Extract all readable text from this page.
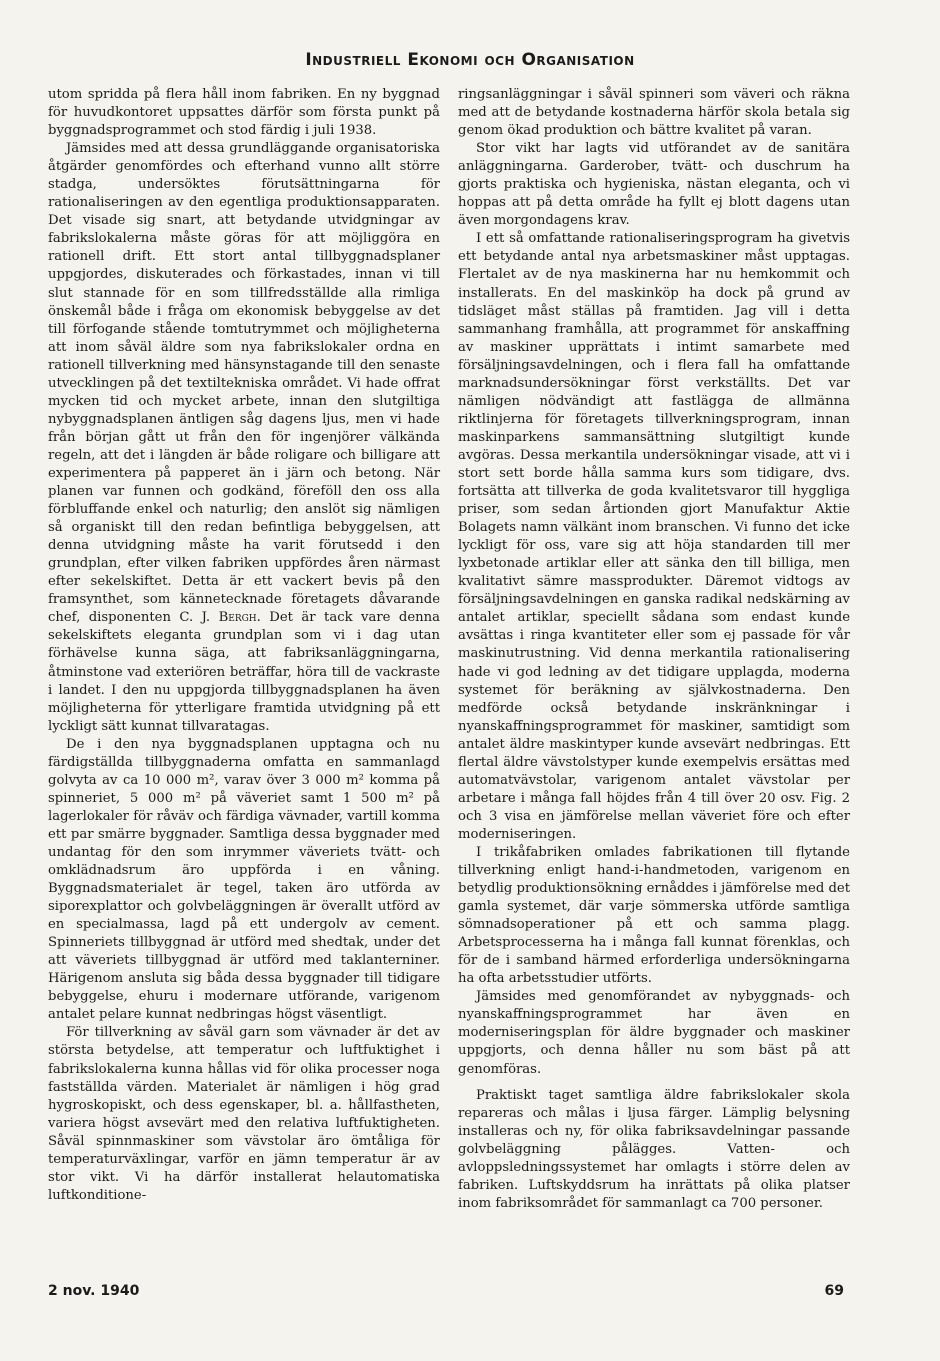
Industriell Ekonomi och Organisation

utom spridda på flera håll inom fabriken. En ny byggnad för huvudkontoret uppsattes därför som första punkt på byggnadsprogrammet och stod färdig i juli 1938.

Jämsides med att dessa grundläggande organisatoriska åtgärder genomfördes och efterhand vunno allt större stadga, undersöktes förutsättningarna för rationaliseringen av den egentliga produktionsapparaten. Det visade sig snart, att betydande utvidgningar av fabrikslokalerna måste göras för att möjliggöra en rationell drift. Ett stort antal tillbyggnadsplaner uppgjordes, diskuterades och förkastades, innan vi till slut stannade för en som tillfredsställde alla rimliga önskemål både i fråga om ekonomisk bebyggelse av det till förfogande stående tomtutrymmet och möjligheterna att inom såväl äldre som nya fabrikslokaler ordna en rationell tillverkning med hänsynstagande till den senaste utvecklingen på det textiltekniska området. Vi hade offrat mycken tid och mycket arbete, innan den slutgiltiga nybyggnadsplanen äntligen såg dagens ljus, men vi hade från början gått ut från den för ingenjörer välkända regeln, att det i längden är både roligare och billigare att experimentera på papperet än i järn och betong. När planen var funnen och godkänd, föreföll den oss alla förbluffande enkel och naturlig; den anslöt sig nämligen så organiskt till den redan befintliga bebyggelsen, att denna utvidgning måste ha varit förutsedd i den grundplan, efter vilken fabriken uppfördes åren närmast efter sekelskiftet. Detta är ett vackert bevis på den framsynthet, som kännetecknade företagets dåvarande chef, disponenten C. J. Bergh. Det är tack vare denna sekelskiftets eleganta grundplan som vi i dag utan förhävelse kunna säga, att fabriksanläggningarna, åtminstone vad exteriören beträffar, höra till de vackraste i landet. I den nu uppgjorda tillbyggnadsplanen ha även möjligheterna för ytterligare framtida utvidgning på ett lyckligt sätt kunnat tillvaratagas.

De i den nya byggnadsplanen upptagna och nu färdigställda tillbyggnaderna omfatta en sammanlagd golvyta av ca 10 000 m², varav över 3 000 m² komma på spinneriet, 5 000 m² på väveriet samt 1 500 m² på lagerlokaler för råväv och färdiga vävnader, vartill komma ett par smärre byggnader. Samtliga dessa byggnader med undantag för den som inrymmer väveriets tvätt- och omklädnadsrum äro uppförda i en våning. Byggnadsmaterialet är tegel, taken äro utförda av siporexplattor och golvbeläggningen är överallt utförd av en specialmassa, lagd på ett undergolv av cement. Spinneriets tillbyggnad är utförd med shedtak, under det att väveriets tillbyggnad är utförd med taklanterniner. Härigenom ansluta sig båda dessa byggnader till tidigare bebyggelse, ehuru i modernare utförande, varigenom antalet pelare kunnat nedbringas högst väsentligt.

För tillverkning av såväl garn som vävnader är det av största betydelse, att temperatur och luftfuktighet i fabrikslokalerna kunna hållas vid för olika processer noga fastställda värden. Materialet är nämligen i hög grad hygroskopiskt, och dess egenskaper, bl. a. hållfastheten, variera högst avsevärt med den relativa luftfuktigheten. Såväl spinnmaskiner som vävstolar äro ömtåliga för temperaturväxlingar, varför en jämn temperatur är av stor vikt. Vi ha därför installerat helautomatiska luftkonditione-

ringsanläggningar i såväl spinneri som väveri och räkna med att de betydande kostnaderna härför skola betala sig genom ökad produktion och bättre kvalitet på varan.

Stor vikt har lagts vid utförandet av de sanitära anläggningarna. Garderober, tvätt- och duschrum ha gjorts praktiska och hygieniska, nästan eleganta, och vi hoppas att på detta område ha fyllt ej blott dagens utan även morgondagens krav.

I ett så omfattande rationaliseringsprogram ha givetvis ett betydande antal nya arbetsmaskiner måst upptagas. Flertalet av de nya maskinerna har nu hemkommit och installerats. En del maskinköp ha dock på grund av tidsläget måst ställas på framtiden. Jag vill i detta sammanhang framhålla, att programmet för anskaffning av maskiner upprättats i intimt samarbete med försäljningsavdelningen, och i flera fall ha omfattande marknadsundersökningar först verkställts. Det var nämligen nödvändigt att fastlägga de allmänna riktlinjerna för företagets tillverkningsprogram, innan maskinparkens sammansättning slutgiltigt kunde avgöras. Dessa merkantila undersökningar visade, att vi i stort sett borde hålla samma kurs som tidigare, dvs. fortsätta att tillverka de goda kvalitetsvaror till hyggliga priser, som sedan årtionden gjort Manufaktur Aktie Bolagets namn välkänt inom branschen. Vi funno det icke lyckligt för oss, vare sig att höja standarden till mer lyxbetonade artiklar eller att sänka den till billiga, men kvalitativt sämre massprodukter. Däremot vidtogs av försäljningsavdelningen en ganska radikal nedskärning av antalet artiklar, speciellt sådana som endast kunde avsättas i ringa kvantiteter eller som ej passade för vår maskinutrustning. Vid denna merkantila rationalisering hade vi god ledning av det tidigare upplagda, moderna systemet för beräkning av självkostnaderna. Den medförde också betydande inskränkningar i nyanskaffningsprogrammet för maskiner, samtidigt som antalet äldre maskintyper kunde avsevärt nedbringas. Ett flertal äldre vävstolstyper kunde exempelvis ersättas med automatvävstolar, varigenom antalet vävstolar per arbetare i många fall höjdes från 4 till över 20 osv. Fig. 2 och 3 visa en jämförelse mellan väveriet före och efter moderniseringen.

I trikåfabriken omlades fabrikationen till flytande tillverkning enligt hand-i-handmetoden, varigenom en betydlig produktionsökning ernåddes i jämförelse med det gamla systemet, där varje sömmerska utförde samtliga sömnadsoperationer på ett och samma plagg. Arbetsprocesserna ha i många fall kunnat förenklas, och för de i samband härmed erforderliga undersökningarna ha ofta arbetsstudier utförts.

Jämsides med genomförandet av nybyggnads- och nyanskaffningsprogrammet har även en moderniseringsplan för äldre byggnader och maskiner uppgjorts, och denna håller nu som bäst på att genomföras.

Praktiskt taget samtliga äldre fabrikslokaler skola repareras och målas i ljusa färger. Lämplig belysning installeras och ny, för olika fabriksavdelningar passande golvbeläggning pålägges. Vatten- och avloppsledningssystemet har omlagts i större delen av fabriken. Luftskyddsrum ha inrättats på olika platser inom fabriksområdet för sammanlagt ca 700 personer.

2 nov. 1940	69
